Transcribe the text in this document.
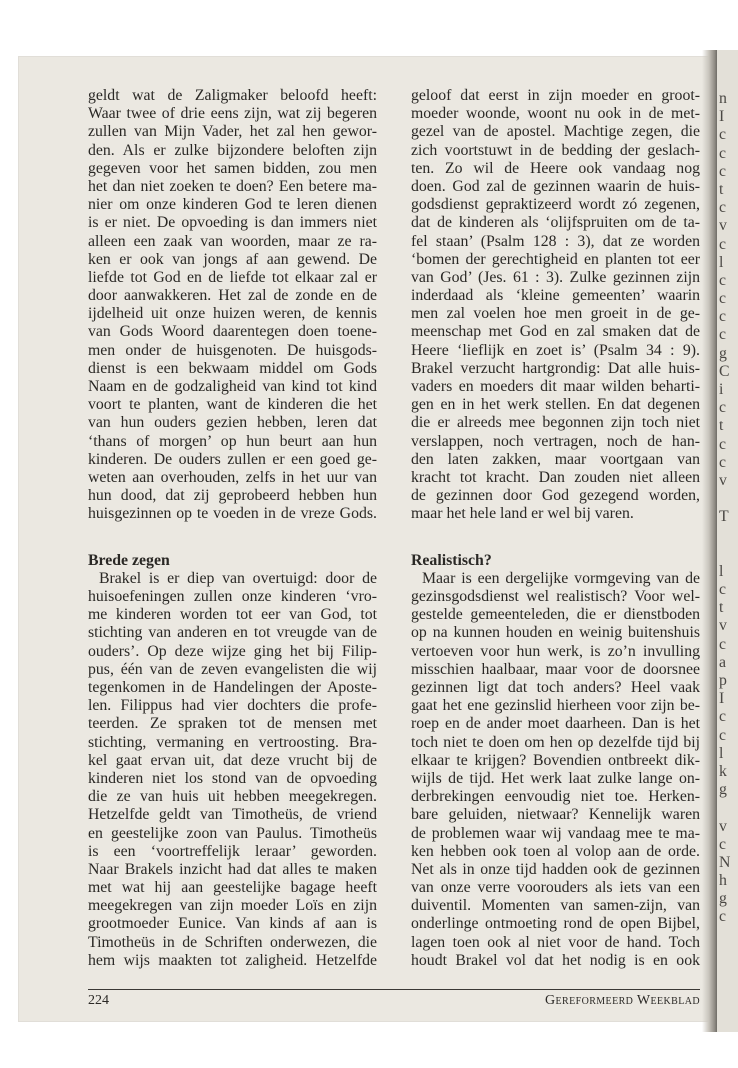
n
I
c
c
c
t
c
v
c
l
c
c
c
c
g
C
i
c
t
c
c
v
T
l
c
t
v
c
a
p
I
c
c
l
k
g
v
c
N
h
g
c
geldt wat de Zaligmaker beloofd heeft:
Waar twee of drie eens zijn, wat zij begeren
zullen van Mijn Vader, het zal hen gewor-
den. Als er zulke bijzondere beloften zijn
gegeven voor het samen bidden, zou men
het dan niet zoeken te doen? Een betere ma-
nier om onze kinderen God te leren dienen
is er niet. De opvoeding is dan immers niet
alleen een zaak van woorden, maar ze ra-
ken er ook van jongs af aan gewend. De
liefde tot God en de liefde tot elkaar zal er
door aanwakkeren. Het zal de zonde en de
ijdelheid uit onze huizen weren, de kennis
van Gods Woord daarentegen doen toene-
men onder de huisgenoten. De huisgods-
dienst is een bekwaam middel om Gods
Naam en de godzaligheid van kind tot kind
voort te planten, want de kinderen die het
van hun ouders gezien hebben, leren dat
‘thans of morgen’ op hun beurt aan hun
kinderen. De ouders zullen er een goed ge-
weten aan overhouden, zelfs in het uur van
hun dood, dat zij geprobeerd hebben hun
huisgezinnen op te voeden in de vreze Gods.
Brede zegen
Brakel is er diep van overtuigd: door de
huisoefeningen zullen onze kinderen ‘vro-
me kinderen worden tot eer van God, tot
stichting van anderen en tot vreugde van de
ouders’. Op deze wijze ging het bij Filip-
pus, één van de zeven evangelisten die wij
tegenkomen in de Handelingen der Aposte-
len. Filippus had vier dochters die profe-
teerden. Ze spraken tot de mensen met
stichting, vermaning en vertroosting. Bra-
kel gaat ervan uit, dat deze vrucht bij de
kinderen niet los stond van de opvoeding
die ze van huis uit hebben meegekregen.
Hetzelfde geldt van Timotheüs, de vriend
en geestelijke zoon van Paulus. Timotheüs
is een ‘voortreffelijk leraar’ geworden.
Naar Brakels inzicht had dat alles te maken
met wat hij aan geestelijke bagage heeft
meegekregen van zijn moeder Loïs en zijn
grootmoeder Eunice. Van kinds af aan is
Timotheüs in de Schriften onderwezen, die
hem wijs maakten tot zaligheid. Hetzelfde
geloof dat eerst in zijn moeder en groot-
moeder woonde, woont nu ook in de met-
gezel van de apostel. Machtige zegen, die
zich voortstuwt in de bedding der geslach-
ten. Zo wil de Heere ook vandaag nog
doen. God zal de gezinnen waarin de huis-
godsdienst gepraktizeerd wordt zó zegenen,
dat de kinderen als ‘olijfspruiten om de ta-
fel staan’ (Psalm 128 : 3), dat ze worden
‘bomen der gerechtigheid en planten tot eer
van God’ (Jes. 61 : 3). Zulke gezinnen zijn
inderdaad als ‘kleine gemeenten’ waarin
men zal voelen hoe men groeit in de ge-
meenschap met God en zal smaken dat de
Heere ‘lieflijk en zoet is’ (Psalm 34 : 9).
Brakel verzucht hartgrondig: Dat alle huis-
vaders en moeders dit maar wilden beharti-
gen en in het werk stellen. En dat degenen
die er alreeds mee begonnen zijn toch niet
verslappen, noch vertragen, noch de han-
den laten zakken, maar voortgaan van
kracht tot kracht. Dan zouden niet alleen
de gezinnen door God gezegend worden,
maar het hele land er wel bij varen.
Realistisch?
Maar is een dergelijke vormgeving van de
gezinsgodsdienst wel realistisch? Voor wel-
gestelde gemeenteleden, die er dienstboden
op na kunnen houden en weinig buitenshuis
vertoeven voor hun werk, is zo’n invulling
misschien haalbaar, maar voor de doorsnee
gezinnen ligt dat toch anders? Heel vaak
gaat het ene gezinslid hierheen voor zijn be-
roep en de ander moet daarheen. Dan is het
toch niet te doen om hen op dezelfde tijd bij
elkaar te krijgen? Bovendien ontbreekt dik-
wijls de tijd. Het werk laat zulke lange on-
derbrekingen eenvoudig niet toe. Herken-
bare geluiden, nietwaar? Kennelijk waren
de problemen waar wij vandaag mee te ma-
ken hebben ook toen al volop aan de orde.
Net als in onze tijd hadden ook de gezinnen
van onze verre voorouders als iets van een
duiventil. Momenten van samen-zijn, van
onderlinge ontmoeting rond de open Bijbel,
lagen toen ook al niet voor de hand. Toch
houdt Brakel vol dat het nodig is en ook
224	Gereformeerd Weekblad
